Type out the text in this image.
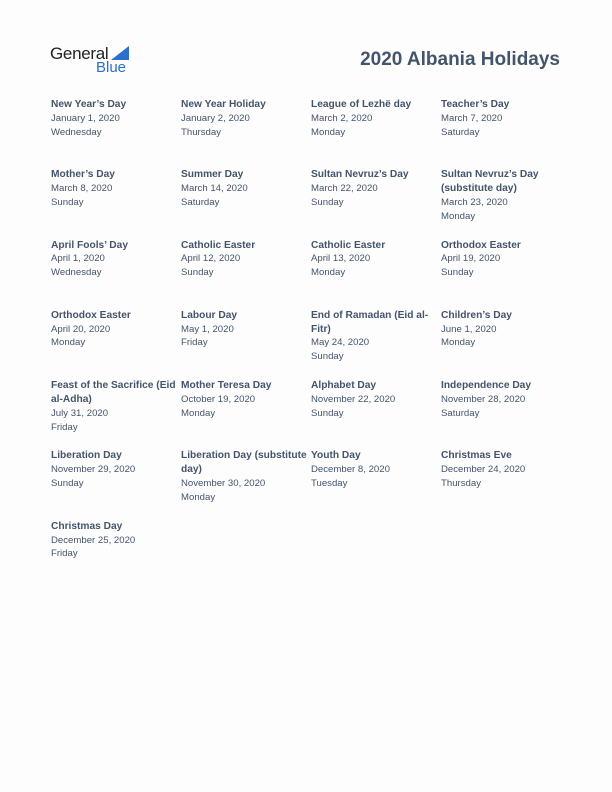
General
Blue	2020 Albania Holidays
New Year’s Day
January 1, 2020
Wednesday
New Year Holiday
January 2, 2020
Thursday
League of Lezhë day
March 2, 2020
Monday
Teacher’s Day
March 7, 2020
Saturday
Mother’s Day
March 8, 2020
Sunday
Summer Day
March 14, 2020
Saturday
Sultan Nevruz’s Day
March 22, 2020
Sunday
Sultan Nevruz’s Day (substitute day)
March 23, 2020
Monday
April Fools’ Day
April 1, 2020
Wednesday
Catholic Easter
April 12, 2020
Sunday
Catholic Easter
April 13, 2020
Monday
Orthodox Easter
April 19, 2020
Sunday
Orthodox Easter
April 20, 2020
Monday
Labour Day
May 1, 2020
Friday
End of Ramadan (Eid al-Fitr)
May 24, 2020
Sunday
Children’s Day
June 1, 2020
Monday
Feast of the Sacrifice (Eid al-Adha)
July 31, 2020
Friday
Mother Teresa Day
October 19, 2020
Monday
Alphabet Day
November 22, 2020
Sunday
Independence Day
November 28, 2020
Saturday
Liberation Day
November 29, 2020
Sunday
Liberation Day (substitute day)
November 30, 2020
Monday
Youth Day
December 8, 2020
Tuesday
Christmas Eve
December 24, 2020
Thursday
Christmas Day
December 25, 2020
Friday
